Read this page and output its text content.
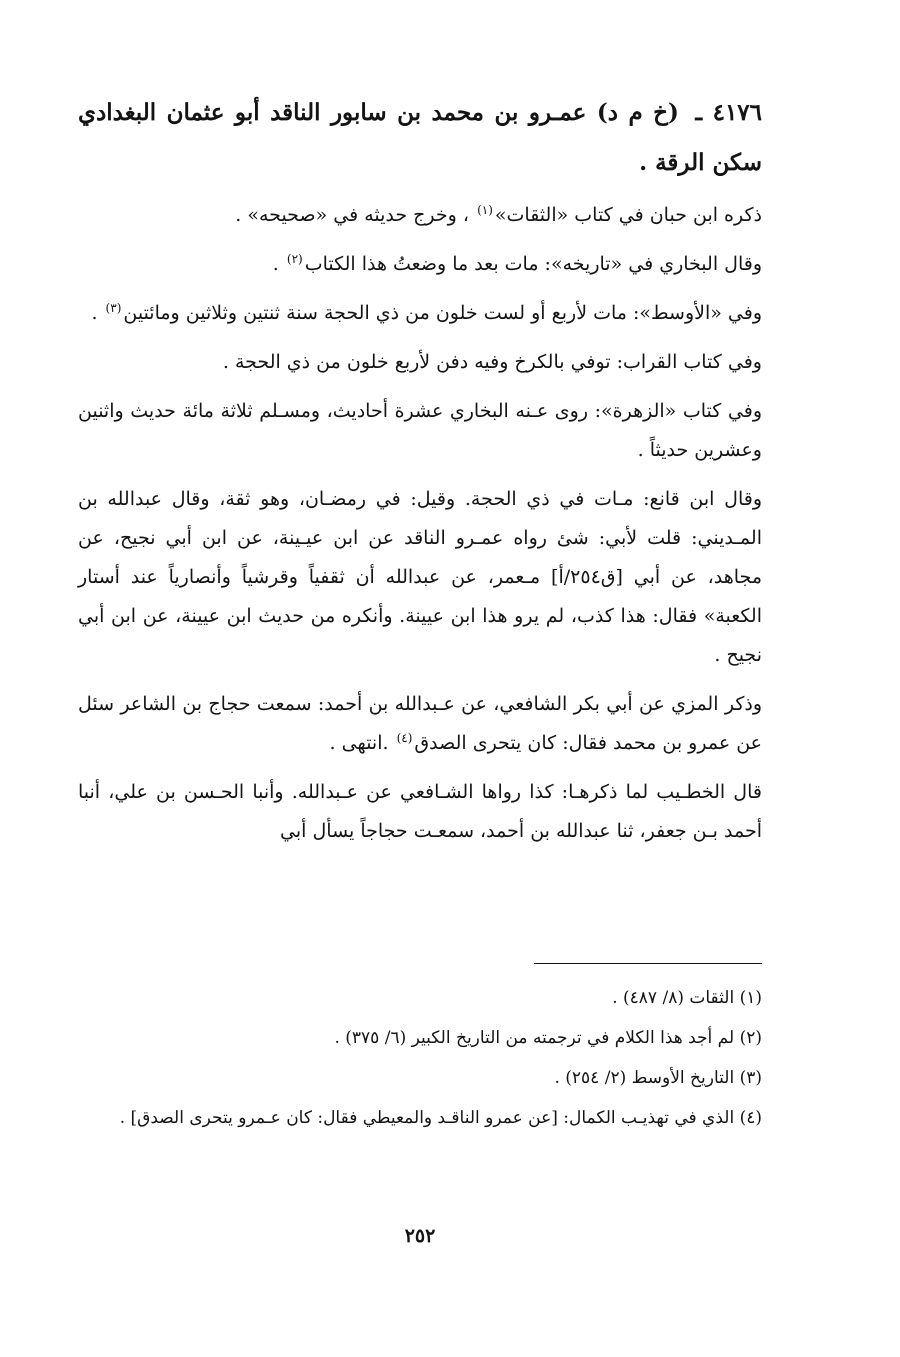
٤١٧٦ ـ (خ م د) عمـرو بن محمد بن سابور الناقد أبو عثمان البغدادي سكن الرقة .

ذكره ابن حبان في كتاب «الثقات»$^{(١)}$ ، وخرج حديثه في «صحيحه» .

وقال البخاري في «تاريخه»: مات بعد ما وضعتُ هذا الكتاب$^{(٢)}$ .

وفي «الأوسط»: مات لأربع أو لست خلون من ذي الحجة سنة ثنتين وثلاثين ومائتين$^{(٣)}$ .

وفي كتاب القراب: توفي بالكرخ وفيه دفن لأربع خلون من ذي الحجة .

وفي كتاب «الزهرة»: روى عـنه البخاري عشرة أحاديث، ومسـلم ثلاثة مائة حديث واثنين وعشرين حديثاً .

وقال ابن قانع: مـات في ذي الحجة. وقيل: في رمضـان، وهو ثقة، وقال عبدالله بن المـديني: قلت لأبي: شئ رواه عمـرو الناقد عن ابن عيـينة، عن ابن أبي نجيح، عن مجاهد، عن أبي [ق٢٥٤/أ] مـعمر، عن عبدالله أن ثقفياً وقرشياً وأنصارياً عند أستار الكعبة» فقال: هذا كذب، لم يرو هذا ابن عيينة. وأنكره من حديث ابن عيينة، عن ابن أبي نجيح .

وذكر المزي عن أبي بكر الشافعي، عن عـبدالله بن أحمد: سمعت حجاج بن الشاعر سئل عن عمرو بن محمد فقال: كان يتحرى الصدق$^{(٤)}$ .انتهى .

قال الخطـيب لما ذكرهـا: كذا رواها الشـافعي عن عـبدالله. وأنبا الحـسن بن علي، أنبا أحمد بـن جعفر، ثنا عبدالله بن أحمد، سمعـت حجاجاً يسأل أبي

(١) الثقات (٨/ ٤٨٧) .

(٢) لم أجد هذا الكلام في ترجمته من التاريخ الكبير (٦/ ٣٧٥) .

(٣) التاريخ الأوسط (٢/ ٢٥٤) .

(٤) الذي في تهذيـب الكمال: [عن عمرو الناقـد والمعيطي فقال: كان عـمرو يتحرى الصدق] .

٢٥٢
